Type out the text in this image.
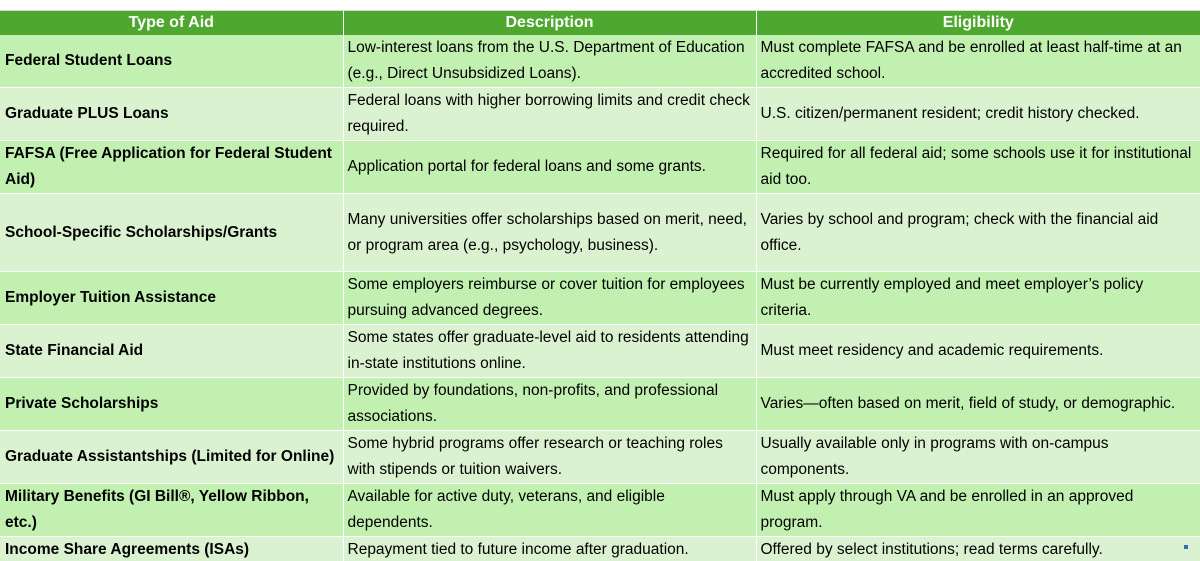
Type of Aid	Description	Eligibility
Federal Student Loans	Low-interest loans from the U.S. Department of Education (e.g., Direct Unsubsidized Loans).	Must complete FAFSA and be enrolled at least half-time at an accredited school.
Graduate PLUS Loans	Federal loans with higher borrowing limits and credit check required.	U.S. citizen/permanent resident; credit history checked.
FAFSA (Free Application for Federal Student Aid)	Application portal for federal loans and some grants.	Required for all federal aid; some schools use it for institutional aid too.
School-Specific Scholarships/Grants	Many universities offer scholarships based on merit, need, or program area (e.g., psychology, business).	Varies by school and program; check with the financial aid office.
Employer Tuition Assistance	Some employers reimburse or cover tuition for employees pursuing advanced degrees.	Must be currently employed and meet employer’s policy criteria.
State Financial Aid	Some states offer graduate-level aid to residents attending in-state institutions online.	Must meet residency and academic requirements.
Private Scholarships	Provided by foundations, non-profits, and professional associations.	Varies—often based on merit, field of study, or demographic.
Graduate Assistantships (Limited for Online)	Some hybrid programs offer research or teaching roles with stipends or tuition waivers.	Usually available only in programs with on-campus components.
Military Benefits (GI Bill®, Yellow Ribbon, etc.)	Available for active duty, veterans, and eligible dependents.	Must apply through VA and be enrolled in an approved program.
Income Share Agreements (ISAs)	Repayment tied to future income after graduation.	Offered by select institutions; read terms carefully.
